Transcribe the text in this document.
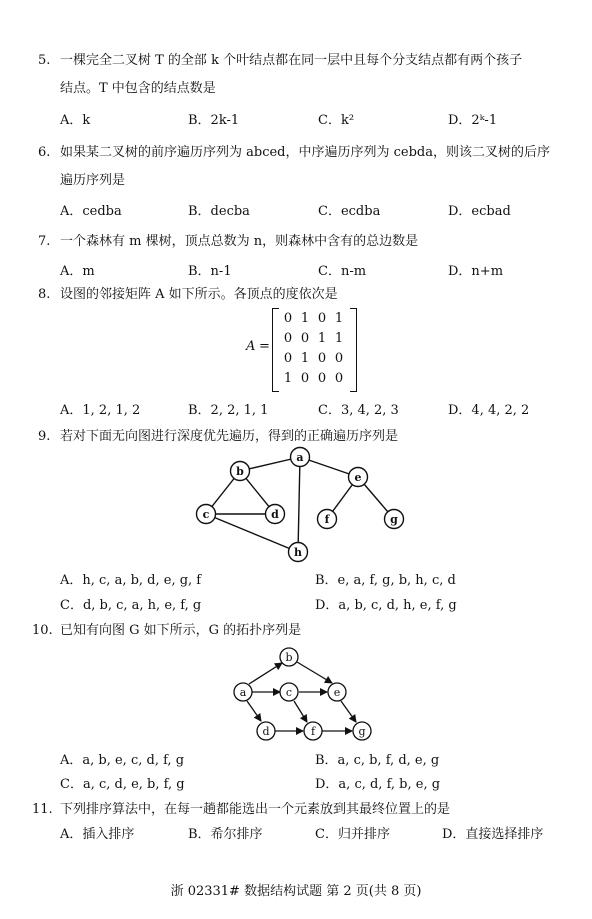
5. 一棵完全二叉树 T 的全部 k 个叶结点都在同一层中且每个分支结点都有两个孩子
结点。T 中包含的结点数是
A．k	B．2k-1	C．k²	D．2ᵏ-1
6. 如果某二叉树的前序遍历序列为 abced，中序遍历序列为 cebda，则该二叉树的后序
遍历序列是
A．cedba	B．decba	C．ecdba	D．ecbad
7. 一个森林有 m 棵树，顶点总数为 n，则森林中含有的总边数是
A．m	B．n-1	C．n-m	D．n+m
8. 设图的邻接矩阵 A 如下所示。各顶点的度依次是
A =
0 1 0 1
0 0 1 1
0 1 0 0
1 0 0 0
A．1, 2, 1, 2	B．2, 2, 1, 1	C．3, 4, 2, 3	D．4, 4, 2, 2
9. 若对下面无向图进行深度优先遍历，得到的正确遍历序列是
a
b
c	d
e
f	g
h
A．h, c, a, b, d, e, g, f	B．e, a, f, g, b, h, c, d
C．d, b, c, a, h, e, f, g	D．a, b, c, d, h, e, f, g
10. 已知有向图 G 如下所示，G 的拓扑序列是
a
b
c
d
e
f	g
A．a, b, e, c, d, f, g	B．a, c, b, f, d, e, g
C．a, c, d, e, b, f, g	D．a, c, d, f, b, e, g
11. 下列排序算法中，在每一趟都能选出一个元素放到其最终位置上的是
A．插入排序	B．希尔排序	C．归并排序	D．直接选择排序
浙 02331# 数据结构试题 第 2 页(共 8 页)
